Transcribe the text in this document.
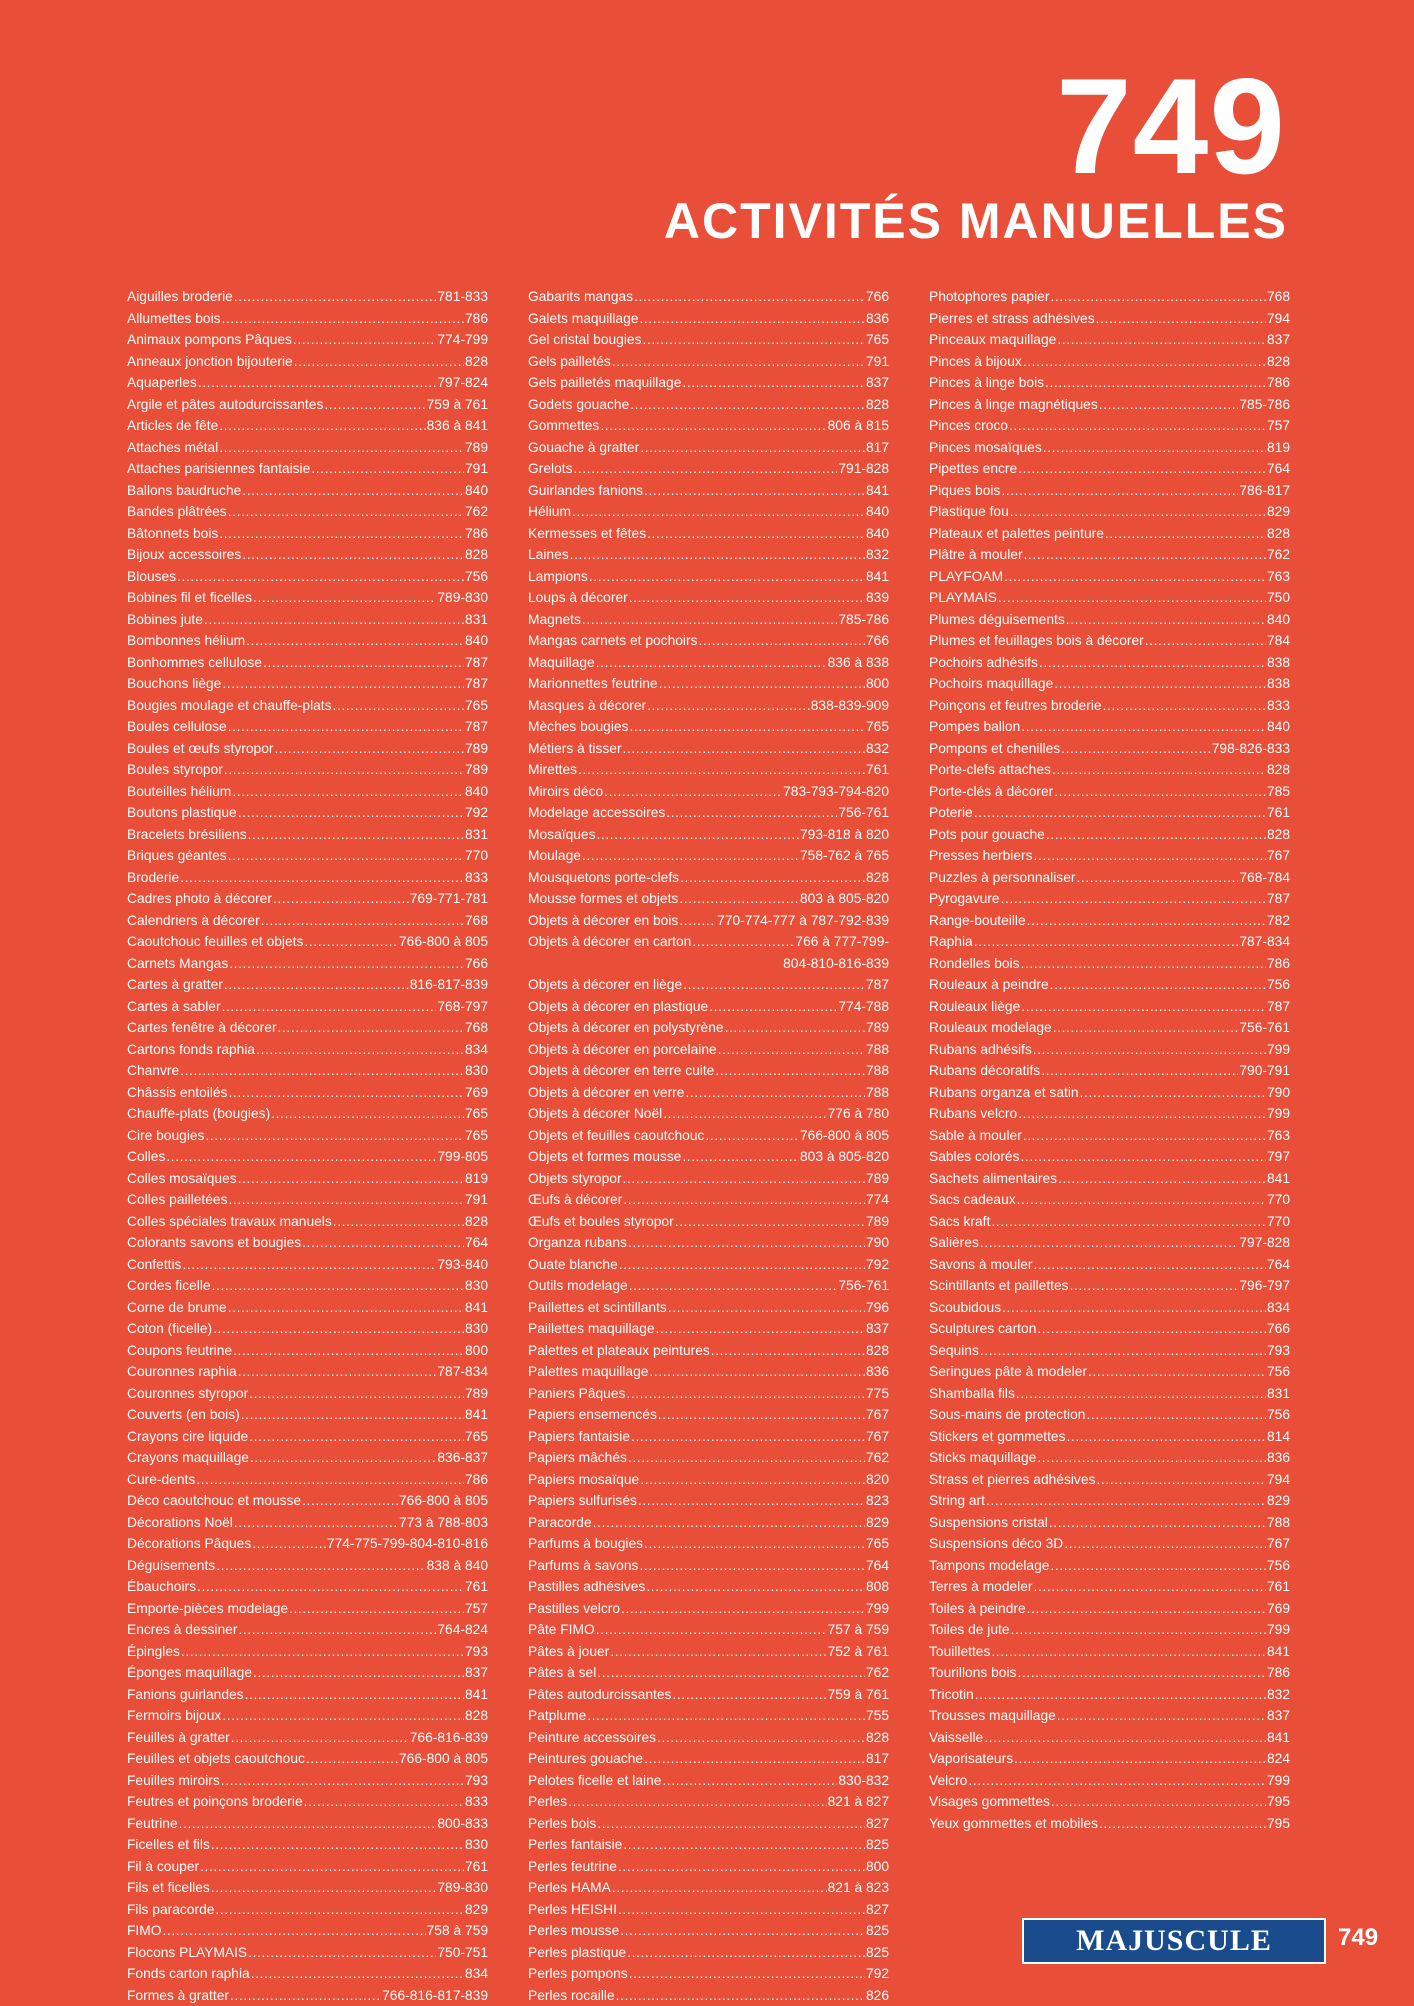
749
ACTIVITÉS MANUELLES
Aiguilles broderie .....	781-833
Allumettes bois .....	786
Animaux pompons Pâques .....	774-799
Anneaux jonction bijouterie .....	828
Aquaperles .....	797-824
Argile et pâtes autodurcissantes .....	759 à 761
Articles de fête .....	836 à 841
Attaches métal .....	789
Attaches parisiennes fantaisie .....	791
Ballons baudruche .....	840
Bandes plâtrées .....	762
Bâtonnets bois .....	786
Bijoux accessoires .....	828
Blouses .....	756
Bobines fil et ficelles .....	789-830
Bobines jute .....	831
Bombonnes hélium .....	840
Bonhommes cellulose .....	787
Bouchons liège .....	787
Bougies moulage et chauffe-plats .....	765
Boules cellulose .....	787
Boules et œufs styropor .....	789
Boules styropor .....	789
Bouteilles hélium .....	840
Boutons plastique .....	792
Bracelets brésiliens .....	831
Briques géantes .....	770
Broderie .....	833
Cadres photo à décorer .....	769-771-781
Calendriers à décorer .....	768
Caoutchouc feuilles et objets .....	766-800 à 805
Carnets Mangas .....	766
Cartes à gratter .....	816-817-839
Cartes à sabler .....	768-797
Cartes fenêtre à décorer .....	768
Cartons fonds raphia .....	834
Chanvre .....	830
Châssis entoilés .....	769
Chauffe-plats (bougies) .....	765
Cire bougies .....	765
Colles .....	799-805
Colles mosaïques .....	819
Colles pailletées .....	791
Colles spéciales travaux manuels .....	828
Colorants savons et bougies .....	764
Confettis .....	793-840
Cordes ficelle .....	830
Corne de brume .....	841
Coton (ficelle) .....	830
Coupons feutrine .....	800
Couronnes raphia .....	787-834
Couronnes styropor .....	789
Couverts (en bois) .....	841
Crayons cire liquide .....	765
Crayons maquillage .....	836-837
Cure-dents .....	786
Déco caoutchouc et mousse .....	766-800 à 805
Décorations Noël .....	773 à 788-803
Décorations Pâques .....	774-775-799-804-810-816
Déguisements .....	838 à 840
Ébauchoirs .....	761
Emporte-pièces modelage .....	757
Encres à dessiner .....	764-824
Épingles .....	793
Éponges maquillage .....	837
Fanions guirlandes .....	841
Fermoirs bijoux .....	828
Feuilles à gratter .....	766-816-839
Feuilles et objets caoutchouc .....	766-800 à 805
Feuilles miroirs .....	793
Feutres et poinçons broderie .....	833
Feutrine .....	800-833
Ficelles et fils .....	830
Fil à couper .....	761
Fils et ficelles .....	789-830
Fils paracorde .....	829
FIMO .....	758 à 759
Flocons PLAYMAIS .....	750-751
Fonds carton raphia .....	834
Formes à gratter .....	766-816-817-839
Gabarits mangas .....	766
Galets maquillage .....	836
Gel cristal bougies .....	765
Gels pailletés .....	791
Gels pailletés maquillage .....	837
Godets gouache .....	828
Gommettes .....	806 à 815
Gouache à gratter .....	817
Grelots .....	791-828
Guirlandes fanions .....	841
Hélium .....	840
Kermesses et fêtes .....	840
Laines .....	832
Lampions .....	841
Loups à décorer .....	839
Magnets .....	785-786
Mangas carnets et pochoirs .....	766
Maquillage .....	836 à 838
Marionnettes feutrine .....	800
Masques à décorer .....	838-839-909
Mèches bougies .....	765
Métiers à tisser .....	832
Mirettes .....	761
Miroirs déco .....	783-793-794-820
Modelage accessoires .....	756-761
Mosaïques .....	793-818 à 820
Moulage .....	758-762 à 765
Mousquetons porte-clefs .....	828
Mousse formes et objets .....	803 à 805-820
Objets à décorer en bois .....	770-774-777 à 787-792-839
Objets à décorer en carton .....	766 à 777-799-
804-810-816-839
Objets à décorer en liège .....	787
Objets à décorer en plastique .....	774-788
Objets à décorer en polystyrène .....	789
Objets à décorer en porcelaine .....	788
Objets à décorer en terre cuite .....	788
Objets à décorer en verre .....	788
Objets à décorer Noël .....	776 à 780
Objets et feuilles caoutchouc .....	766-800 à 805
Objets et formes mousse .....	803 à 805-820
Objets styropor .....	789
Œufs à décorer .....	774
Œufs et boules styropor .....	789
Organza rubans .....	790
Ouate blanche .....	792
Outils modelage .....	756-761
Paillettes et scintillants .....	796
Paillettes maquillage .....	837
Palettes et plateaux peintures .....	828
Palettes maquillage .....	836
Paniers Pâques .....	775
Papiers ensemencés .....	767
Papiers fantaisie .....	767
Papiers mâchés .....	762
Papiers mosaïque .....	820
Papiers sulfurisés .....	823
Paracorde .....	829
Parfums à bougies .....	765
Parfums à savons .....	764
Pastilles adhésives .....	808
Pastilles velcro .....	799
Pâte FIMO .....	757 à 759
Pâtes à jouer .....	752 à 761
Pâtes à sel .....	762
Pâtes autodurcissantes .....	759 à 761
Patplume .....	755
Peinture accessoires .....	828
Peintures gouache .....	817
Pelotes ficelle et laine .....	830-832
Perles .....	821 à 827
Perles bois .....	827
Perles fantaisie .....	825
Perles feutrine .....	800
Perles HAMA .....	821 à 823
Perles HEISHI .....	827
Perles mousse .....	825
Perles plastique .....	825
Perles pompons .....	792
Perles rocaille .....	826
Photophores papier .....	768
Pierres et strass adhésives .....	794
Pinceaux maquillage .....	837
Pinces à bijoux .....	828
Pinces à linge bois .....	786
Pinces à linge magnétiques .....	785-786
Pinces croco .....	757
Pinces mosaïques .....	819
Pipettes encre .....	764
Piques bois .....	786-817
Plastique fou .....	829
Plateaux et palettes peinture .....	828
Plâtre à mouler .....	762
PLAYFOAM .....	763
PLAYMAIS .....	750
Plumes déguisements .....	840
Plumes et feuillages bois à décorer .....	784
Pochoirs adhésifs .....	838
Pochoirs maquillage .....	838
Poinçons et feutres broderie .....	833
Pompes ballon .....	840
Pompons et chenilles .....	798-826-833
Porte-clefs attaches .....	828
Porte-clés à décorer .....	785
Poterie .....	761
Pots pour gouache .....	828
Presses herbiers .....	767
Puzzles à personnaliser .....	768-784
Pyrogavure .....	787
Range-bouteille .....	782
Raphia .....	787-834
Rondelles bois .....	786
Rouleaux à peindre .....	756
Rouleaux liège .....	787
Rouleaux modelage .....	756-761
Rubans adhésifs .....	799
Rubans décoratifs .....	790-791
Rubans organza et satin .....	790
Rubans velcro .....	799
Sable à mouler .....	763
Sables colorés .....	797
Sachets alimentaires .....	841
Sacs cadeaux .....	770
Sacs kraft .....	770
Salières .....	797-828
Savons à mouler .....	764
Scintillants et paillettes .....	796-797
Scoubidous .....	834
Sculptures carton .....	766
Sequins .....	793
Seringues pâte à modeler .....	756
Shamballa fils .....	831
Sous-mains de protection .....	756
Stickers et gommettes .....	814
Sticks maquillage .....	836
Strass et pierres adhésives .....	794
String art .....	829
Suspensions cristal .....	788
Suspensions déco 3D .....	767
Tampons modelage .....	756
Terres à modeler .....	761
Toiles à peindre .....	769
Toiles de jute .....	799
Touillettes .....	841
Tourillons bois .....	786
Tricotin .....	832
Trousses maquillage .....	837
Vaisselle .....	841
Vaporisateurs .....	824
Velcro .....	799
Visages gommettes .....	795
Yeux gommettes et mobiles .....	795
MAJUSCULE	749
